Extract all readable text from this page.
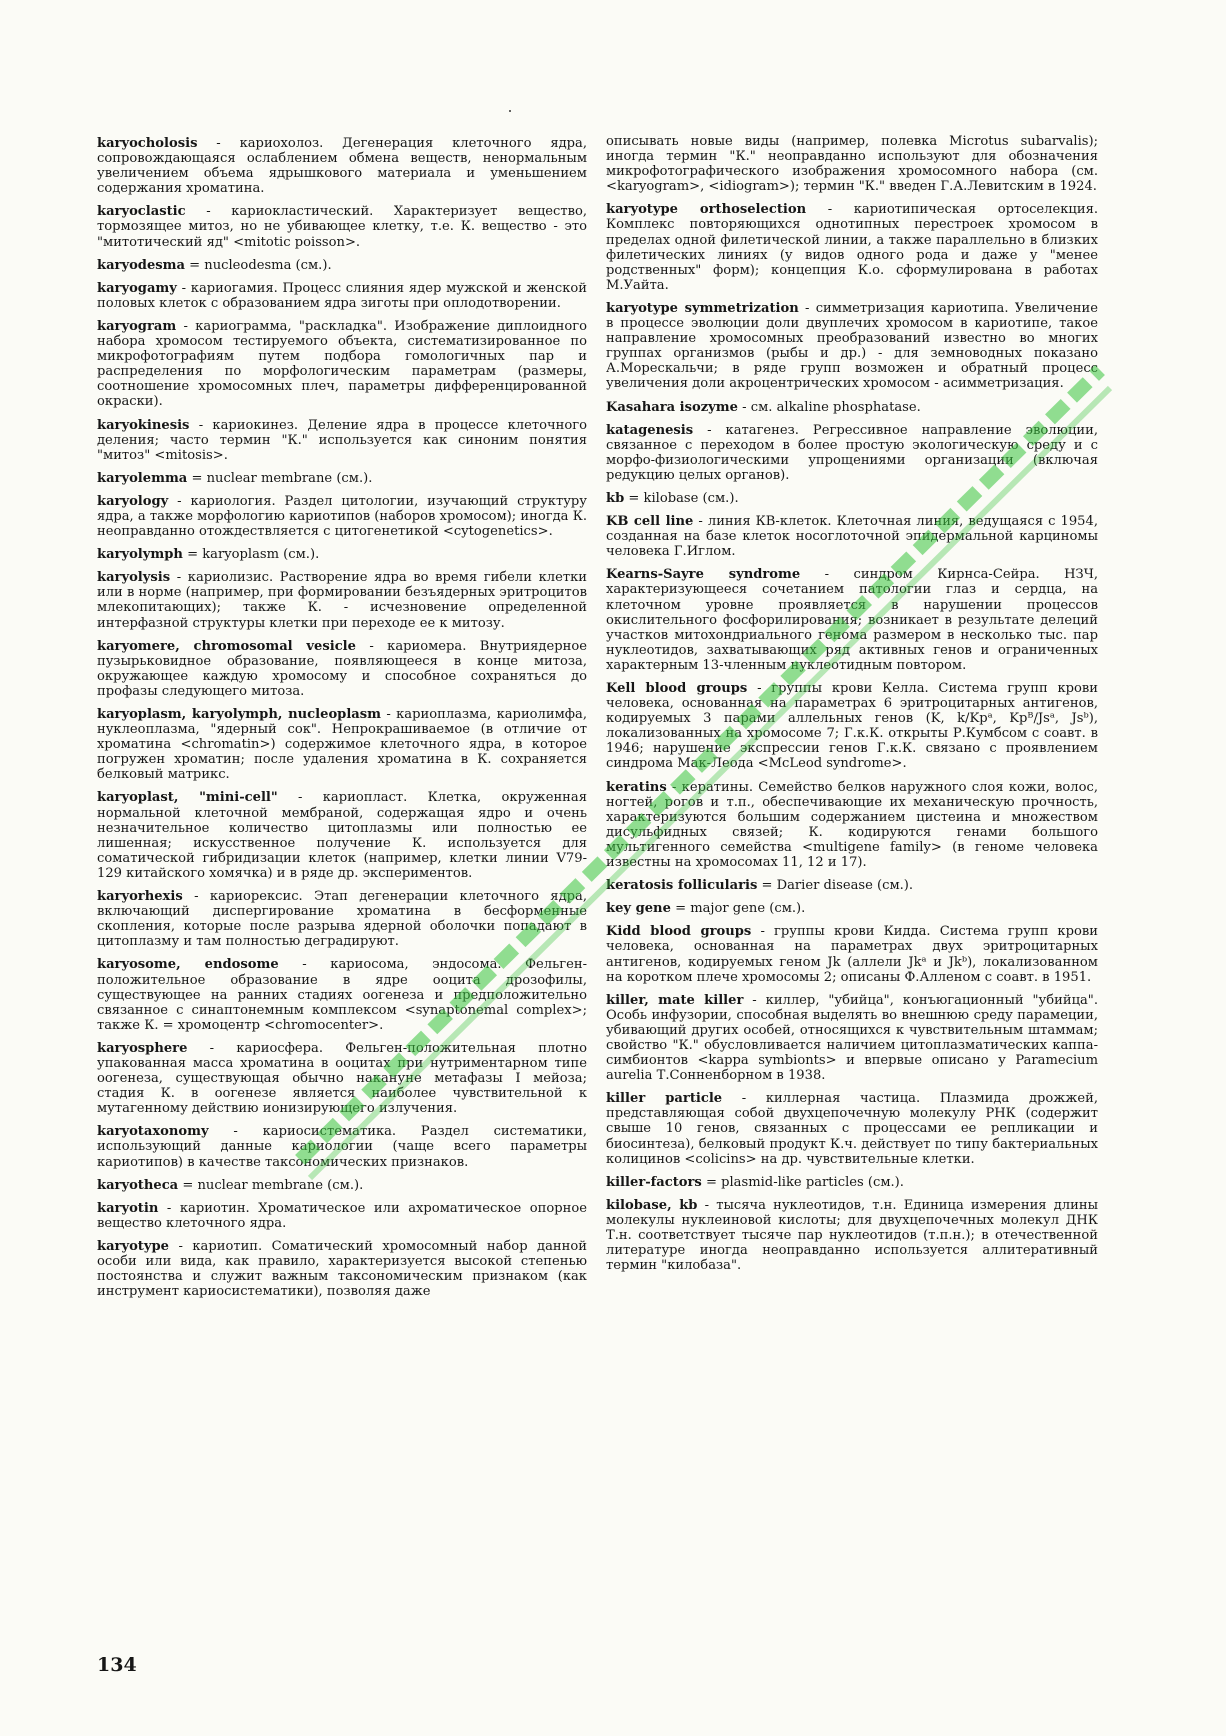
karyocholosis - кариохолоз. Дегенерация клеточного ядра, сопровождающаяся ослаблением обмена веществ, ненормальным увеличением объема ядрышкового материала и уменьшением содержания хроматина.

karyoclastic - кариокластический. Характеризует вещество, тормозящее митоз, но не убивающее клетку, т.е. К. вещество - это "митотический яд" <mitotic poisson>.

karyodesma = nucleodesma (см.).

karyogamy - кариогамия. Процесс слияния ядер мужской и женской половых клеток с образованием ядра зиготы при оплодотворении.

karyogram - кариограмма, "раскладка". Изображение диплоидного набора хромосом тестируемого объекта, систематизированное по микрофотографиям путем подбора гомологичных пар и распределения по морфологическим параметрам (размеры, соотношение хромосомных плеч, параметры дифференцированной окраски).

karyokinesis - кариокинез. Деление ядра в процессе клеточного деления; часто термин "К." используется как синоним понятия "митоз" <mitosis>.

karyolemma = nuclear membrane (см.).

karyology - кариология. Раздел цитологии, изучающий структуру ядра, а также морфологию кариотипов (наборов хромосом); иногда К. неоправданно отождествляется с цитогенетикой <cytogenetics>.

karyolymph = karyoplasm (см.).

karyolysis - кариолизис. Растворение ядра во время гибели клетки или в норме (например, при формировании безъядерных эритроцитов млекопитающих); также К. - исчезновение определенной интерфазной структуры клетки при переходе ее к митозу.

karyomere, chromosomal vesicle - кариомера. Внутриядерное пузырьковидное образование, появляющееся в конце митоза, окружающее каждую хромосому и способное сохраняться до профазы следующего митоза.

karyoplasm, karyolymph, nucleoplasm - кариоплазма, кариолимфа, нуклеоплазма, "ядерный сок". Непрокрашиваемое (в отличие от хроматина <chromatin>) содержимое клеточного ядра, в которое погружен хроматин; после удаления хроматина в К. сохраняется белковый матрикс.

karyoplast, "mini-cell" - кариопласт. Клетка, окруженная нормальной клеточной мембраной, содержащая ядро и очень незначительное количество цитоплазмы или полностью ее лишенная; искусственное получение К. используется для соматической гибридизации клеток (например, клетки линии V79-129 китайского хомячка) и в ряде др. экспериментов.

karyorhexis - кариорексис. Этап дегенерации клеточного ядра, включающий диспергирование хроматина в бесформенные скопления, которые после разрыва ядерной оболочки попадают в цитоплазму и там полностью деградируют.

karyosome, endosome - кариосома, эндосома. Фельген-положительное образование в ядре ооцита дрозофилы, существующее на ранних стадиях оогенеза и предположительно связанное с синаптонемным комплексом <synaptonemal complex>; также К. = хромоцентр <chromocenter>.

karyosphere - кариосфера. Фельген-положительная плотно упакованная масса хроматина в ооцитах при нутриментарном типе оогенеза, существующая обычно накануне метафазы I мейоза; стадия К. в оогенезе является наиболее чувствительной к мутагенному действию ионизирующего излучения.

karyotaxonomy - кариосистематика. Раздел систематики, использующий данные кариологии (чаще всего параметры кариотипов) в качестве таксономических признаков.

karyotheca = nuclear membrane (см.).

karyotin - кариотин. Хроматическое или ахроматическое опорное вещество клеточного ядра.

karyotype - кариотип. Соматический хромосомный набор данной особи или вида, как правило, характеризуется высокой степенью постоянства и служит важным таксономическим признаком (как инструмент кариосистематики), позволяя даже

описывать новые виды (например, полевка Microtus subarvalis); иногда термин "К." неоправданно используют для обозначения микрофотографического изображения хромосомного набора (см. <karyogram>, <idiogram>); термин "К." введен Г.А.Левитским в 1924.

karyotype orthoselection - кариотипическая ортоселекция. Комплекс повторяющихся однотипных перестроек хромосом в пределах одной филетической линии, а также параллельно в близких филетических линиях (у видов одного рода и даже у "менее родственных" форм); концепция К.о. сформулирована в работах М.Уайта.

karyotype symmetrization - симметризация кариотипа. Увеличение в процессе эволюции доли двуплечих хромосом в кариотипе, такое направление хромосомных преобразований известно во многих группах организмов (рыбы и др.) - для земноводных показано А.Морескальчи; в ряде групп возможен и обратный процесс увеличения доли акроцентрических хромосом - асимметризация.

Kasahara isozyme - см. alkaline phosphatase.

katagenesis - катагенез. Регрессивное направление эволюции, связанное с переходом в более простую экологическую среду и с морфо-физиологическими упрощениями организации (включая редукцию целых органов).

kb = kilobase (см.).

KB cell line - линия КВ-клеток. Клеточная линия, ведущаяся с 1954, созданная на базе клеток носоглоточной эпидермальной карциномы человека Г.Иглом.

Kearns-Sayre syndrome - синдром Кирнса-Сейра. НЗЧ, характеризующееся сочетанием патологии глаз и сердца, на клеточном уровне проявляется в нарушении процессов окислительного фосфорилирования; возникает в результате делеций участков митохондриального генома размером в несколько тыс. пар нуклеотидов, захватывающих ряд активных генов и ограниченных характерным 13-членным нуклеотидным повтором.

Kell blood groups - группы крови Келла. Система групп крови человека, основанная на параметрах 6 эритроцитарных антигенов, кодируемых 3 парами аллельных генов (K, k/Kpᵃ, Kpᴮ/Jsᵃ, Jsᵇ), локализованных на хромосоме 7; Г.к.К. открыты Р.Кумбсом с соавт. в 1946; нарушение экспрессии генов Г.к.К. связано с проявлением синдрома Мак-Леода <McLeod syndrome>.

keratins - кератины. Семейство белков наружного слоя кожи, волос, ногтей, рогов и т.п., обеспечивающие их механическую прочность, характеризуются большим содержанием цистеина и множеством дисульфидных связей; К. кодируются генами большого мультигенного семейства <multigene family> (в геноме человека известны на хромосомах 11, 12 и 17).

keratosis follicularis = Darier disease (см.).

key gene = major gene (см.).

Kidd blood groups - группы крови Кидда. Система групп крови человека, основанная на параметрах двух эритроцитарных антигенов, кодируемых геном Jk (аллели Jkᵃ и Jkᵇ), локализованном на коротком плече хромосомы 2; описаны Ф.Алленом с соавт. в 1951.

killer, mate killer - киллер, "убийца", конъюгационный "убийца". Особь инфузории, способная выделять во внешнюю среду парамеции, убивающий других особей, относящихся к чувствительным штаммам; свойство "К." обусловливается наличием цитоплазматических каппа-симбионтов <kappa symbionts> и впервые описано у Paramecium aurelia Т.Сонненборном в 1938.

killer particle - киллерная частица. Плазмида дрожжей, представляющая собой двухцепочечную молекулу РНК (содержит свыше 10 генов, связанных с процессами ее репликации и биосинтеза), белковый продукт К.ч. действует по типу бактериальных колицинов <colicins> на др. чувствительные клетки.

killer-factors = plasmid-like particles (см.).

kilobase, kb - тысяча нуклеотидов, т.н. Единица измерения длины молекулы нуклеиновой кислоты; для двухцепочечных молекул ДНК Т.н. соответствует тысяче пар нуклеотидов (т.п.н.); в отечественной литературе иногда неоправданно используется аллитеративный термин "килобаза".

134
